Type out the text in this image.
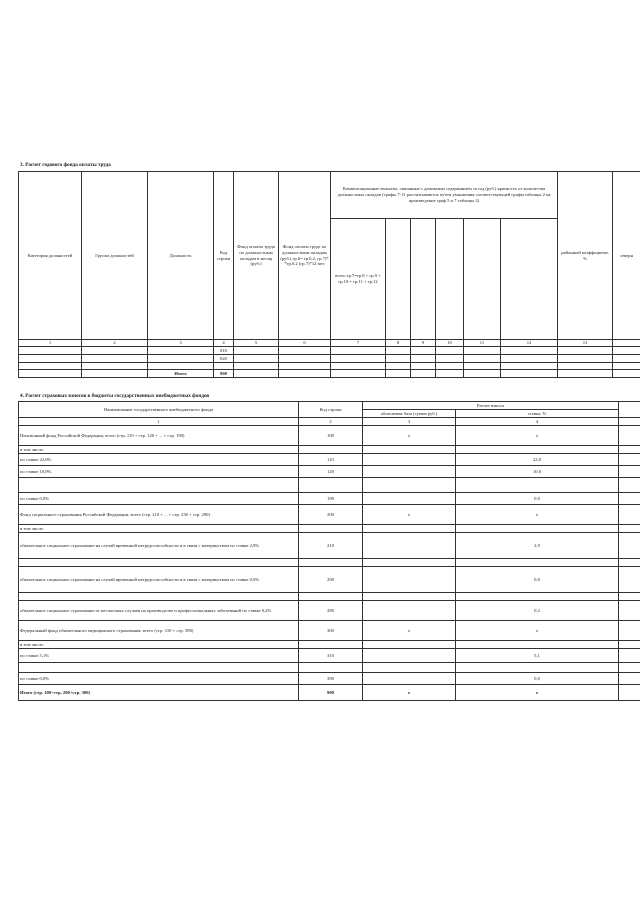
3. Расчет годового фонда оплаты труда
Категория должностей	Группа должностей	Должность	Код строки	Фонд оплаты труда по должностным окладам в месяц (руб.)	Фонд оплаты труда по должностным окладам (руб.) гр.6= гр.6.2, гр.7)* *гр.6.2 (гр.7)*12 мес	Компенсационные выплаты, связанные с денежным содержанием за год (руб.) кратность от количества должностных окладов (графы 7-11 рассчитываются путем умножения соответствующей графы таблицы 2 на произведение граф 5 и 7 таблицы 2)						районный коэффициент, %	северн

						всего гр.7=гр.8 + гр.9 + гр.10 + гр.11 + гр.12					
1	2	3	4	5	6	7	8	9	10	11	12	13	
			010										
			020										

		Итого	900										
4. Расчет страховых взносов в бюджеты государственных внебюджетных фондов
Наименование государственного внебюджетного фонда	Код строки	Расчет взноса		
		облагаемая база (сумма руб.)	ставка, %	
1	2	3	4	
Пенсионный фонд Российской Федерации, всего (стр. 110 + стр. 120 + ... + стр. 190)	100	x	x	
в том числе:				
по ставке 22,0%	110		22,0	
по ставке 10,0%	120		10,0	

по ставке 0,0%	190		0,0	
Фонд социального страхования Российской Федерации, всего (стр. 210 + ... + стр. 230 + стр. 290)	200	x	x	
в том числе:				
обязательное социальное страхование на случай временной нетрудоспособности и в связи с материнством по ставке 2,9%	210		2,9	

обязательное социальное страхование на случай временной нетрудоспособности и в связи с материнством по ставке 0,0%	290		0,0	

обязательное социальное страхование от несчастных случаев на производстве и профессиональных заболеваний по ставке 0,2%	280		0,2	
Федеральный фонд обязательного медицинского страхования, всего (стр. 310 + стр. 390)	300	x	x	
в том числе:				
по ставке 5,1%	310		5,1	

по ставке 0,0%	390		0,0	
Итого (стр. 100+стр. 200+стр. 300)	900	x	x	
